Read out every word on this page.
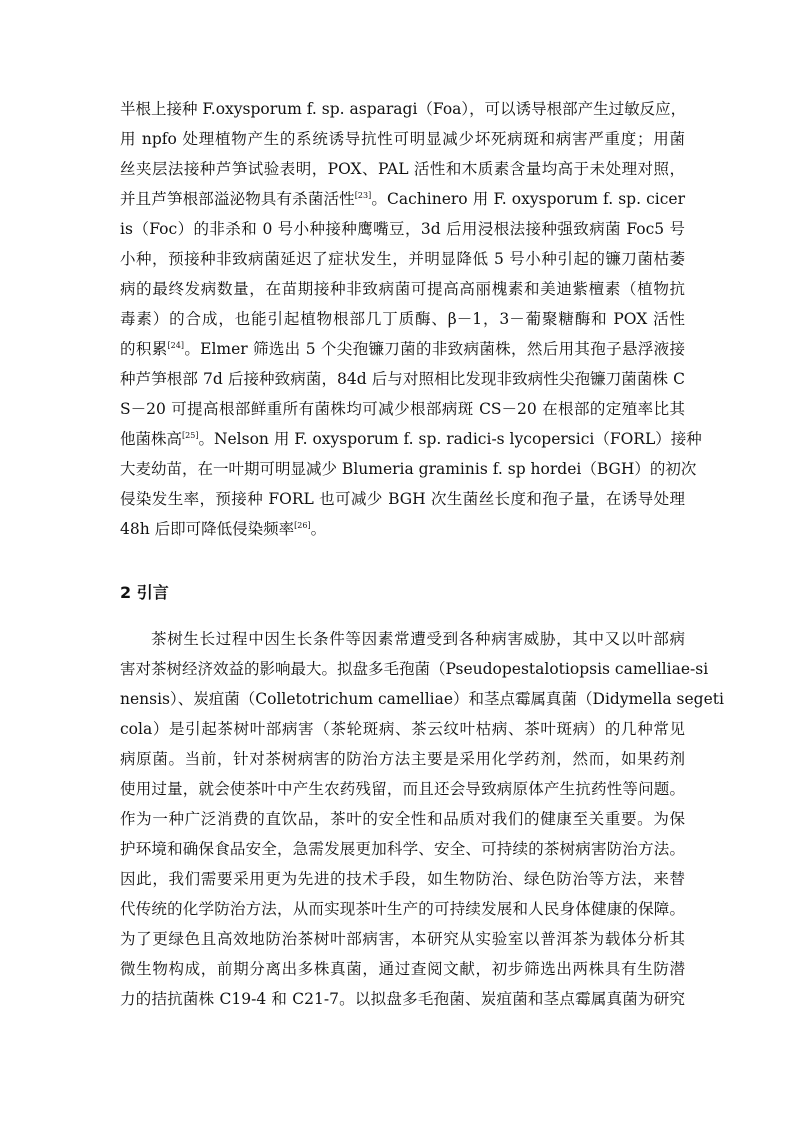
半根上接种 F.oxysporum f. sp. asparagi（Foa），可以诱导根部产生过敏反应，
用 npfo 处理植物产生的系统诱导抗性可明显减少坏死病斑和病害严重度；用菌
丝夹层法接种芦笋试验表明，POX、PAL 活性和木质素含量均高于未处理对照，
并且芦笋根部溢泌物具有杀菌活性[23]。Cachinero 用 F. oxysporum f. sp. cicer
is（Foc）的非杀和 0 号小种接种鹰嘴豆，3d 后用浸根法接种强致病菌 Foc5 号
小种，预接种非致病菌延迟了症状发生，并明显降低 5 号小种引起的镰刀菌枯萎
病的最终发病数量，在苗期接种非致病菌可提高高丽槐素和美迪紫檀素（植物抗
毒素）的合成，也能引起植物根部几丁质酶、β－1，3－葡聚糖酶和 POX 活性
的积累[24]。Elmer 筛选出 5 个尖孢镰刀菌的非致病菌株，然后用其孢子悬浮液接
种芦笋根部 7d 后接种致病菌，84d 后与对照相比发现非致病性尖孢镰刀菌菌株 C
S－20 可提高根部鲜重所有菌株均可减少根部病斑 CS－20 在根部的定殖率比其
他菌株高[25]。Nelson 用 F. oxysporum f. sp. radici-s lycopersici（FORL）接种
大麦幼苗，在一叶期可明显减少 Blumeria graminis f. sp hordei（BGH）的初次
侵染发生率，预接种 FORL 也可减少 BGH 次生菌丝长度和孢子量，在诱导处理
48h 后即可降低侵染频率[26]。
2 引言
茶树生长过程中因生长条件等因素常遭受到各种病害威胁，其中又以叶部病
害对茶树经济效益的影响最大。拟盘多毛孢菌（Pseudopestalotiopsis camelliae-si
nensis）、炭疽菌（Colletotrichum camelliae）和茎点霉属真菌（Didymella segeti
cola）是引起茶树叶部病害（茶轮斑病、茶云纹叶枯病、茶叶斑病）的几种常见
病原菌。当前，针对茶树病害的防治方法主要是采用化学药剂，然而，如果药剂
使用过量，就会使茶叶中产生农药残留，而且还会导致病原体产生抗药性等问题。
作为一种广泛消费的直饮品，茶叶的安全性和品质对我们的健康至关重要。为保
护环境和确保食品安全，急需发展更加科学、安全、可持续的茶树病害防治方法。
因此，我们需要采用更为先进的技术手段，如生物防治、绿色防治等方法，来替
代传统的化学防治方法，从而实现茶叶生产的可持续发展和人民身体健康的保障。
为了更绿色且高效地防治茶树叶部病害，本研究从实验室以普洱茶为载体分析其
微生物构成，前期分离出多株真菌，通过查阅文献，初步筛选出两株具有生防潜
力的拮抗菌株 C19-4 和 C21-7。以拟盘多毛孢菌、炭疽菌和茎点霉属真菌为研究
